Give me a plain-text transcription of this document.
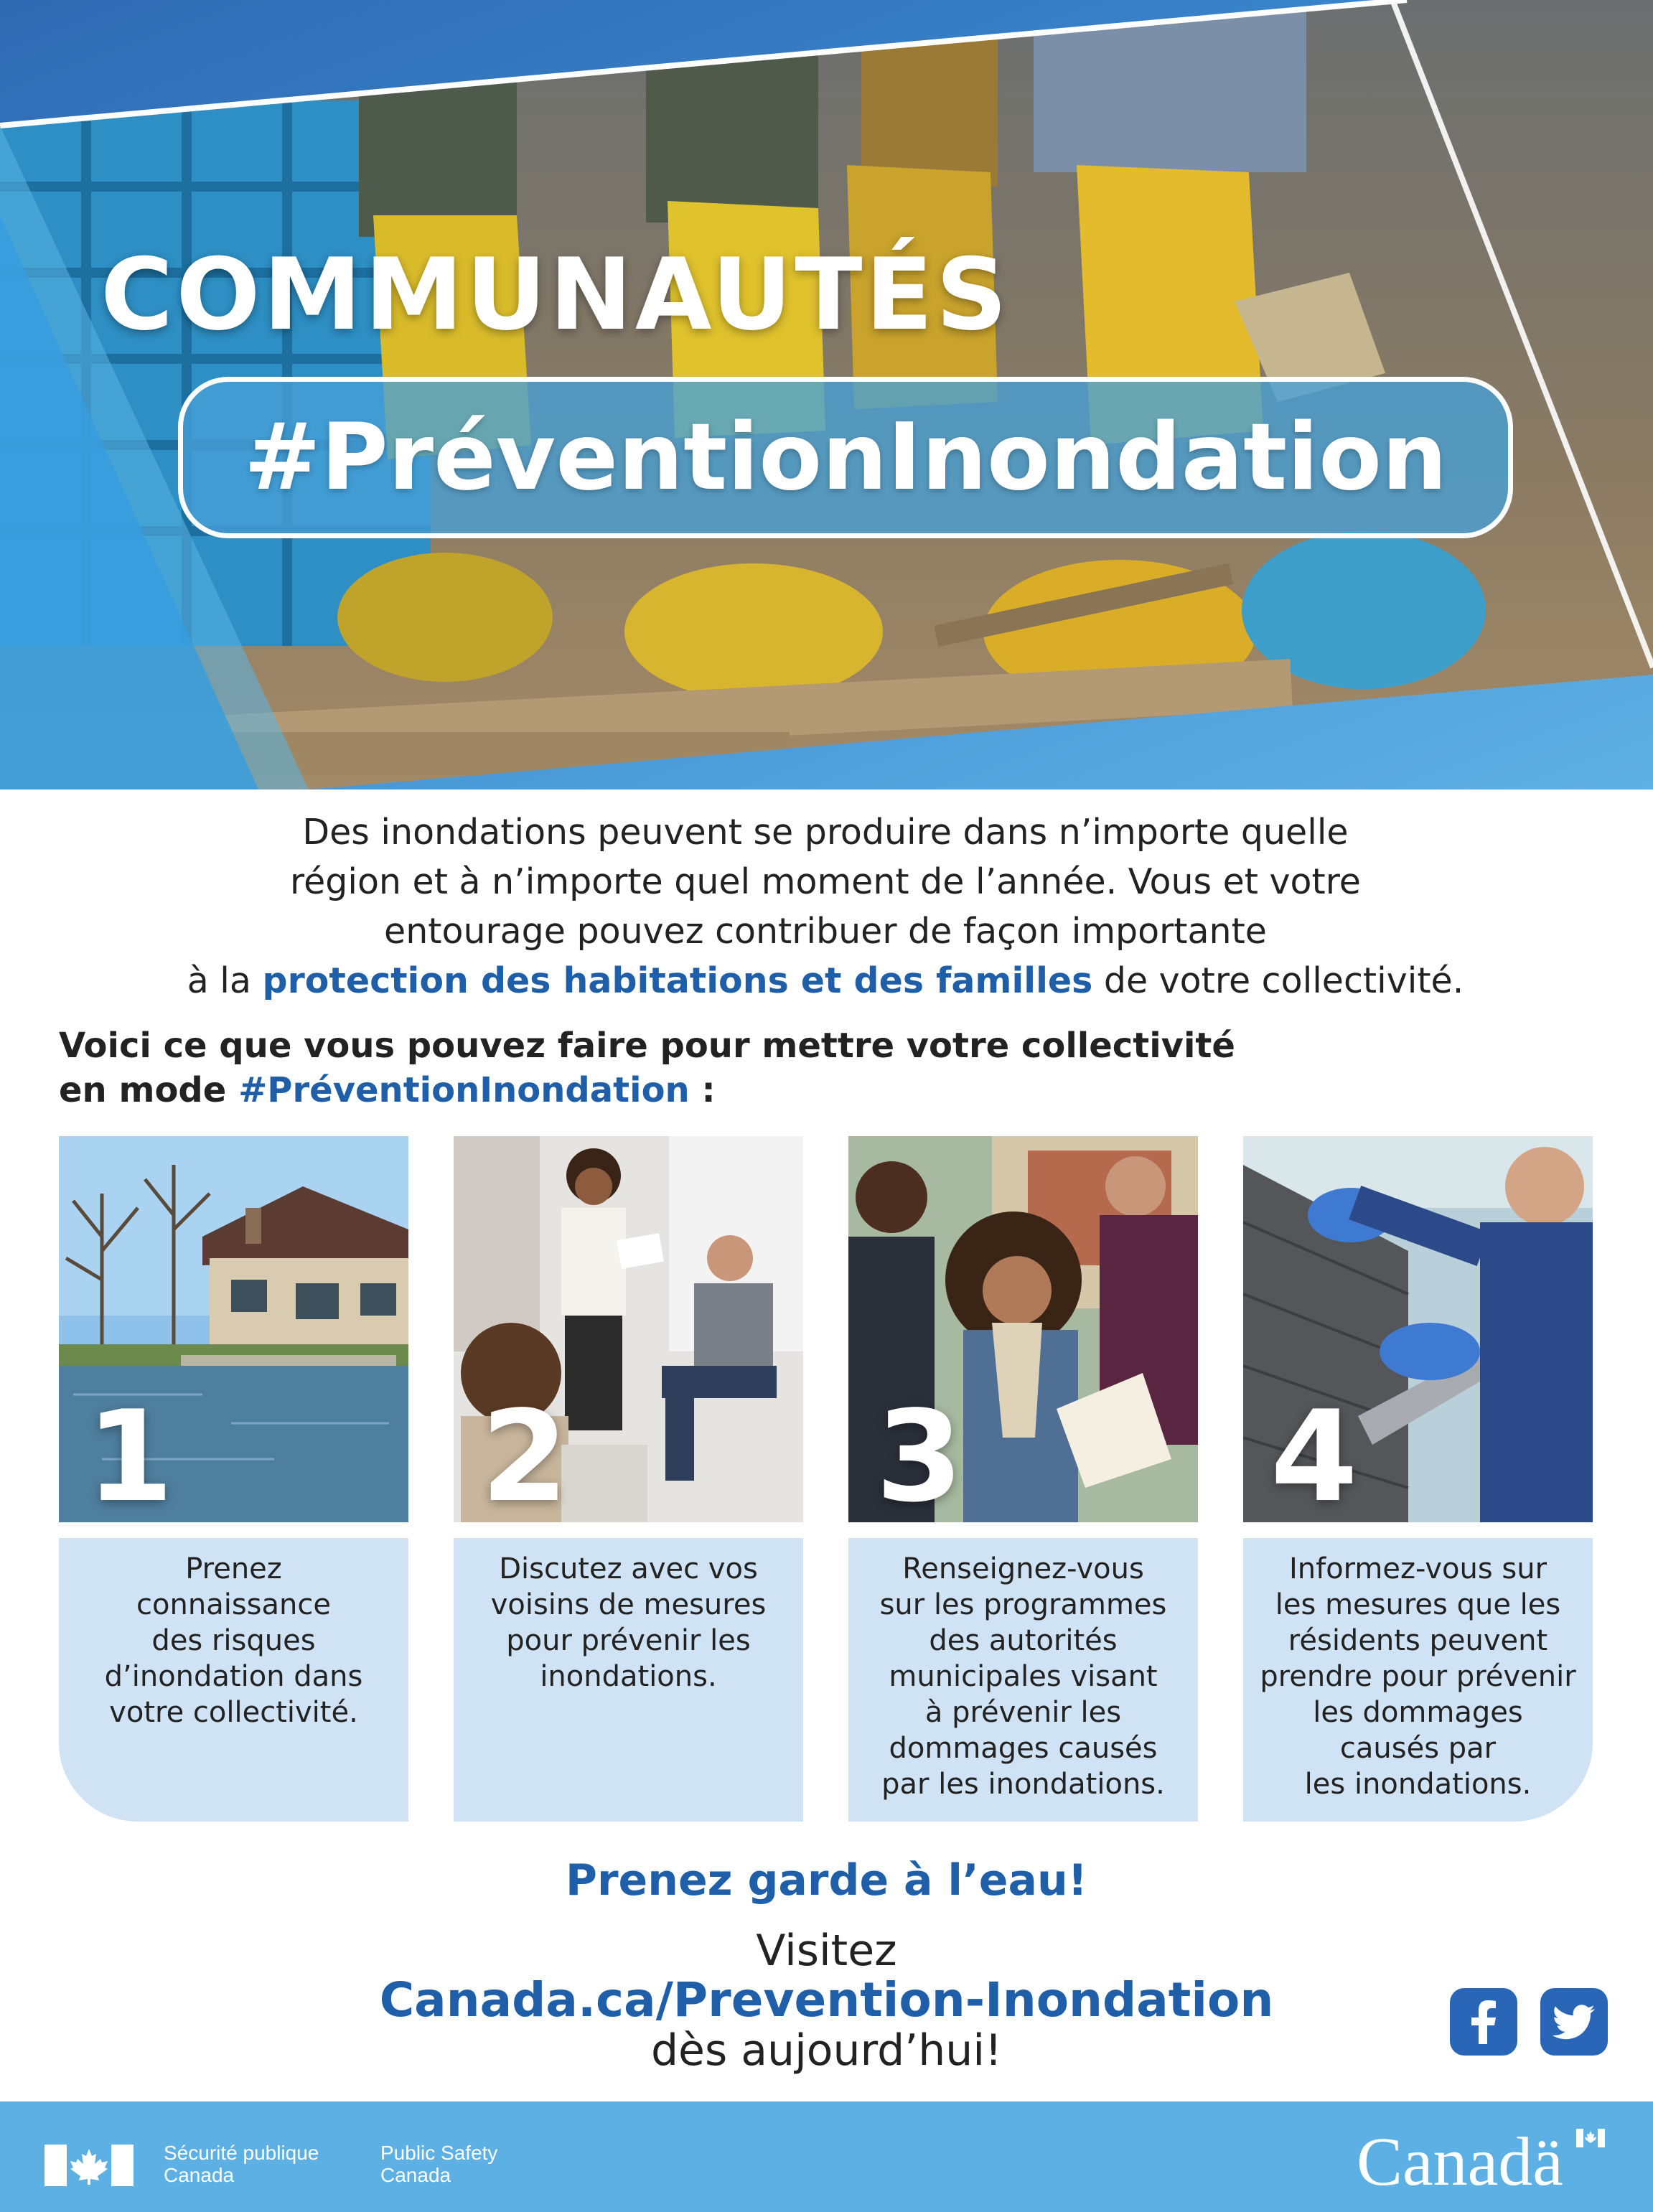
COMMUNAUTÉS
#PréventionInondation
Des inondations peuvent se produire dans n’importe quelle
région et à n’importe quel moment de l’année. Vous et votre
entourage pouvez contribuer de façon importante
à la protection des habitations et des familles de votre collectivité.
Voici ce que vous pouvez faire pour mettre votre collectivité
en mode #PréventionInondation :
1
Prenez
connaissance
des risques
d’inondation dans
votre collectivité.
2
Discutez avec vos
voisins de mesures
pour prévenir les
inondations.
3
Renseignez-vous
sur les programmes
des autorités
municipales visant
à prévenir les
dommages causés
par les inondations.
4
Informez-vous sur
les mesures que les
résidents peuvent
prendre pour prévenir
les dommages
causés par
les inondations.
Prenez garde à l’eau!
Visitez
Canada.ca/Prevention-Inondation
dès aujourd’hui!
Sécurité publique
Canada
Public Safety
Canada	Canadä
